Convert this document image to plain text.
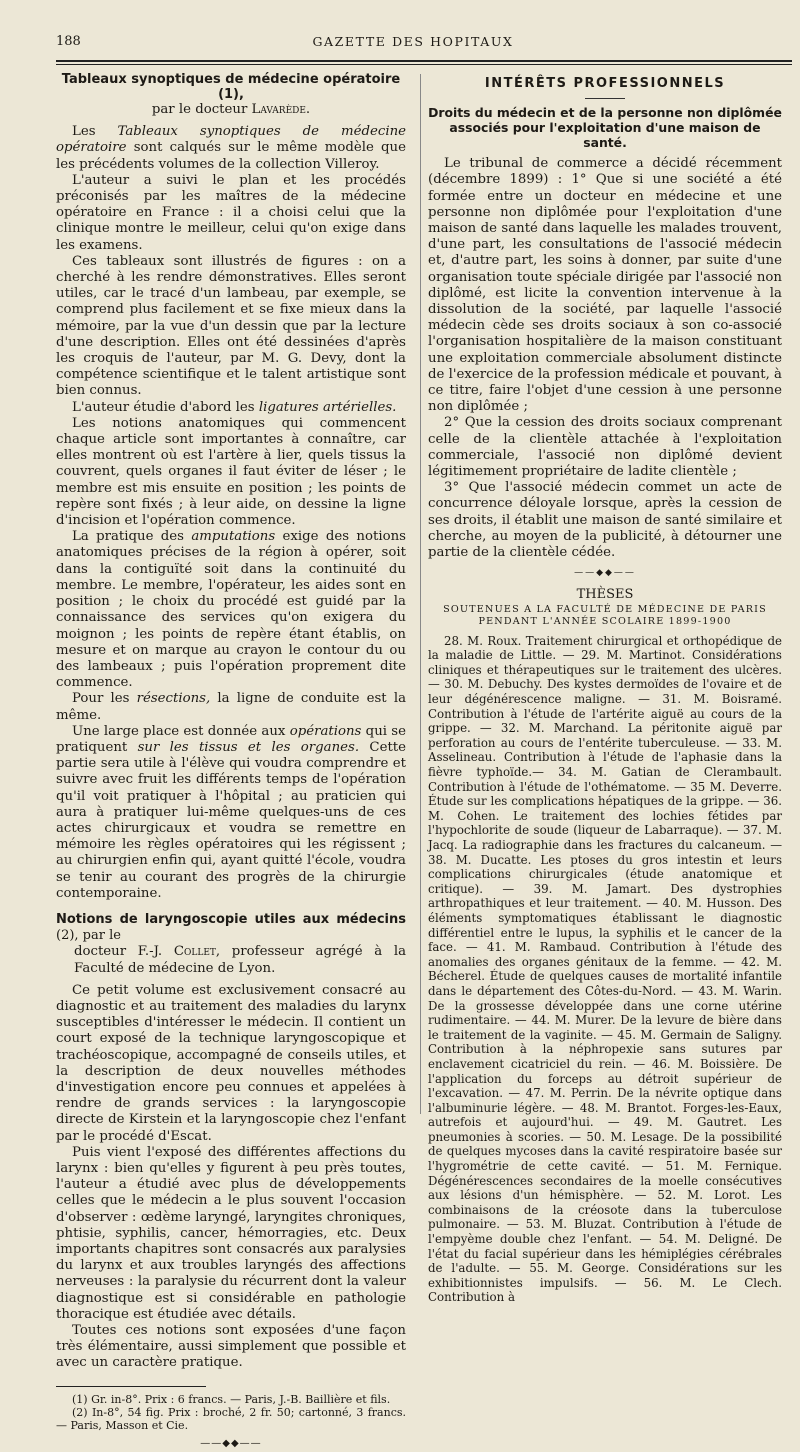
188	GAZETTE DES HOPITAUX

Tableaux synoptiques de médecine opératoire (1),

par le docteur Lavarède.

Les Tableaux synoptiques de médecine opératoire sont calqués sur le même modèle que les précédents volumes de la collection Villeroy.

L'auteur a suivi le plan et les procédés préconisés par les maîtres de la médecine opératoire en France : il a choisi celui que la clinique montre le meilleur, celui qu'on exige dans les examens.

Ces tableaux sont illustrés de figures : on a cherché à les rendre démonstratives. Elles seront utiles, car le tracé d'un lambeau, par exemple, se comprend plus facilement et se fixe mieux dans la mémoire, par la vue d'un dessin que par la lecture d'une description. Elles ont été dessinées d'après les croquis de l'auteur, par M. G. Devy, dont la compétence scientifique et le talent artistique sont bien connus.

L'auteur étudie d'abord les ligatures artérielles.

Les notions anatomiques qui commencent chaque article sont importantes à connaître, car elles montrent où est l'artère à lier, quels tissus la couvrent, quels organes il faut éviter de léser ; le membre est mis ensuite en position ; les points de repère sont fixés ; à leur aide, on dessine la ligne d'incision et l'opération commence.

La pratique des amputations exige des notions anatomiques précises de la région à opérer, soit dans la contiguïté soit dans la continuité du membre. Le membre, l'opérateur, les aides sont en position ; le choix du procédé est guidé par la connaissance des services qu'on exigera du moignon ; les points de repère étant établis, on mesure et on marque au crayon le contour du ou des lambeaux ; puis l'opération proprement dite commence.

Pour les résections, la ligne de conduite est la même.

Une large place est donnée aux opérations qui se pratiquent sur les tissus et les organes. Cette partie sera utile à l'élève qui voudra comprendre et suivre avec fruit les différents temps de l'opération qu'il voit pratiquer à l'hôpital ; au praticien qui aura à pratiquer lui-même quelques-uns de ces actes chirurgicaux et voudra se remettre en mémoire les règles opératoires qui les régissent ; au chirurgien enfin qui, ayant quitté l'école, voudra se tenir au courant des progrès de la chirurgie contemporaine.

Notions de laryngoscopie utiles aux médecins (2), par le

docteur F.-J. Collet, professeur agrégé à la Faculté de médecine de Lyon.

Ce petit volume est exclusivement consacré au diagnostic et au traitement des maladies du larynx susceptibles d'intéresser le médecin. Il contient un court exposé de la technique laryngoscopique et trachéoscopique, accompagné de conseils utiles, et la description de deux nouvelles méthodes d'investigation encore peu connues et appelées à rendre de grands services : la laryngoscopie directe de Kirstein et la laryngoscopie chez l'enfant par le procédé d'Escat.

Puis vient l'exposé des différentes affections du larynx : bien qu'elles y figurent à peu près toutes, l'auteur a étudié avec plus de développements celles que le médecin a le plus souvent l'occasion d'observer : œdème laryngé, laryngites chroniques, phtisie, syphilis, cancer, hémorragies, etc. Deux importants chapitres sont consacrés aux paralysies du larynx et aux troubles laryngés des affections nerveuses : la paralysie du récurrent dont la valeur diagnostique est si considérable en pathologie thoracique est étudiée avec détails.

Toutes ces notions sont exposées d'une façon très élémentaire, aussi simplement que possible et avec un caractère pratique.

(1) Gr. in-8°. Prix : 6 francs. — Paris, J.-B. Baillière et fils.

(2) In-8°, 54 fig. Prix : broché, 2 fr. 50; cartonné, 3 francs. — Paris, Masson et Cie.

——◆◆——

INTÉRÊTS PROFESSIONNELS

Droits du médecin et de la personne non diplômée associés pour l'exploitation d'une maison de santé.

Le tribunal de commerce a décidé récemment (décembre 1899) : 1° Que si une société a été formée entre un docteur en médecine et une personne non diplômée pour l'exploitation d'une maison de santé dans laquelle les malades trouvent, d'une part, les consultations de l'associé médecin et, d'autre part, les soins à donner, par suite d'une organisation toute spéciale dirigée par l'associé non diplômé, est licite la convention intervenue à la dissolution de la société, par laquelle l'associé médecin cède ses droits sociaux à son co-associé l'organisation hospitalière de la maison constituant une exploitation commerciale absolument distincte de l'exercice de la profession médicale et pouvant, à ce titre, faire l'objet d'une cession à une personne non diplômée ;

2° Que la cession des droits sociaux comprenant celle de la clientèle attachée à l'exploitation commerciale, l'associé non diplômé devient légitimement propriétaire de ladite clientèle ;

3° Que l'associé médecin commet un acte de concurrence déloyale lorsque, après la cession de ses droits, il établit une maison de santé similaire et cherche, au moyen de la publicité, à détourner une partie de la clientèle cédée.

——◆◆——

THÈSES

SOUTENUES A LA FACULTÉ DE MÉDECINE DE PARIS

PENDANT L'ANNÉE SCOLAIRE 1899-1900

28. M. Roux. Traitement chirurgical et orthopédique de la maladie de Little. — 29. M. Martinot. Considérations cliniques et thérapeutiques sur le traitement des ulcères. — 30. M. Debuchy. Des kystes dermoïdes de l'ovaire et de leur dégénérescence maligne. — 31. M. Boisramé. Contribution à l'étude de l'artérite aiguë au cours de la grippe. — 32. M. Marchand. La péritonite aiguë par perforation au cours de l'entérite tuberculeuse. — 33. M. Asselineau. Contribution à l'étude de l'aphasie dans la fièvre typhoïde.— 34. M. Gatian de Clerambault. Contribution à l'étude de l'othématome. — 35 M. Deverre. Étude sur les complications hépatiques de la grippe. — 36. M. Cohen. Le traitement des lochies fétides par l'hypochlorite de soude (liqueur de Labarraque). — 37. M. Jacq. La radiographie dans les fractures du calcaneum. — 38. M. Ducatte. Les ptoses du gros intestin et leurs complications chirurgicales (étude anatomique et critique). — 39. M. Jamart. Des dystrophies arthropathiques et leur traitement. — 40. M. Husson. Des éléments symptomatiques établissant le diagnostic différentiel entre le lupus, la syphilis et le cancer de la face. — 41. M. Rambaud. Contribution à l'étude des anomalies des organes génitaux de la femme. — 42. M. Bécherel. Étude de quelques causes de mortalité infantile dans le département des Côtes-du-Nord. — 43. M. Warin. De la grossesse développée dans une corne utérine rudimentaire. — 44. M. Murer. De la levure de bière dans le traitement de la vaginite. — 45. M. Germain de Saligny. Contribution à la néphropexie sans sutures par enclavement cicatriciel du rein. — 46. M. Boissière. De l'application du forceps au détroit supérieur de l'excavation. — 47. M. Perrin. De la névrite optique dans l'albuminurie légère. — 48. M. Brantot. Forges-les-Eaux, autrefois et aujourd'hui. — 49. M. Gautret. Les pneumonies à scories. — 50. M. Lesage. De la possibilité de quelques mycoses dans la cavité respiratoire basée sur l'hygrométrie de cette cavité. — 51. M. Fernique. Dégénérescences secondaires de la moelle consécutives aux lésions d'un hémisphère. — 52. M. Lorot. Les combinaisons de la créosote dans la tuberculose pulmonaire. — 53. M. Bluzat. Contribution à l'étude de l'empyème double chez l'enfant. — 54. M. Deligné. De l'état du facial supérieur dans les hémiplégies cérébrales de l'adulte. — 55. M. George. Considérations sur les exhibitionnistes impulsifs. — 56. M. Le Clech. Contribution à
